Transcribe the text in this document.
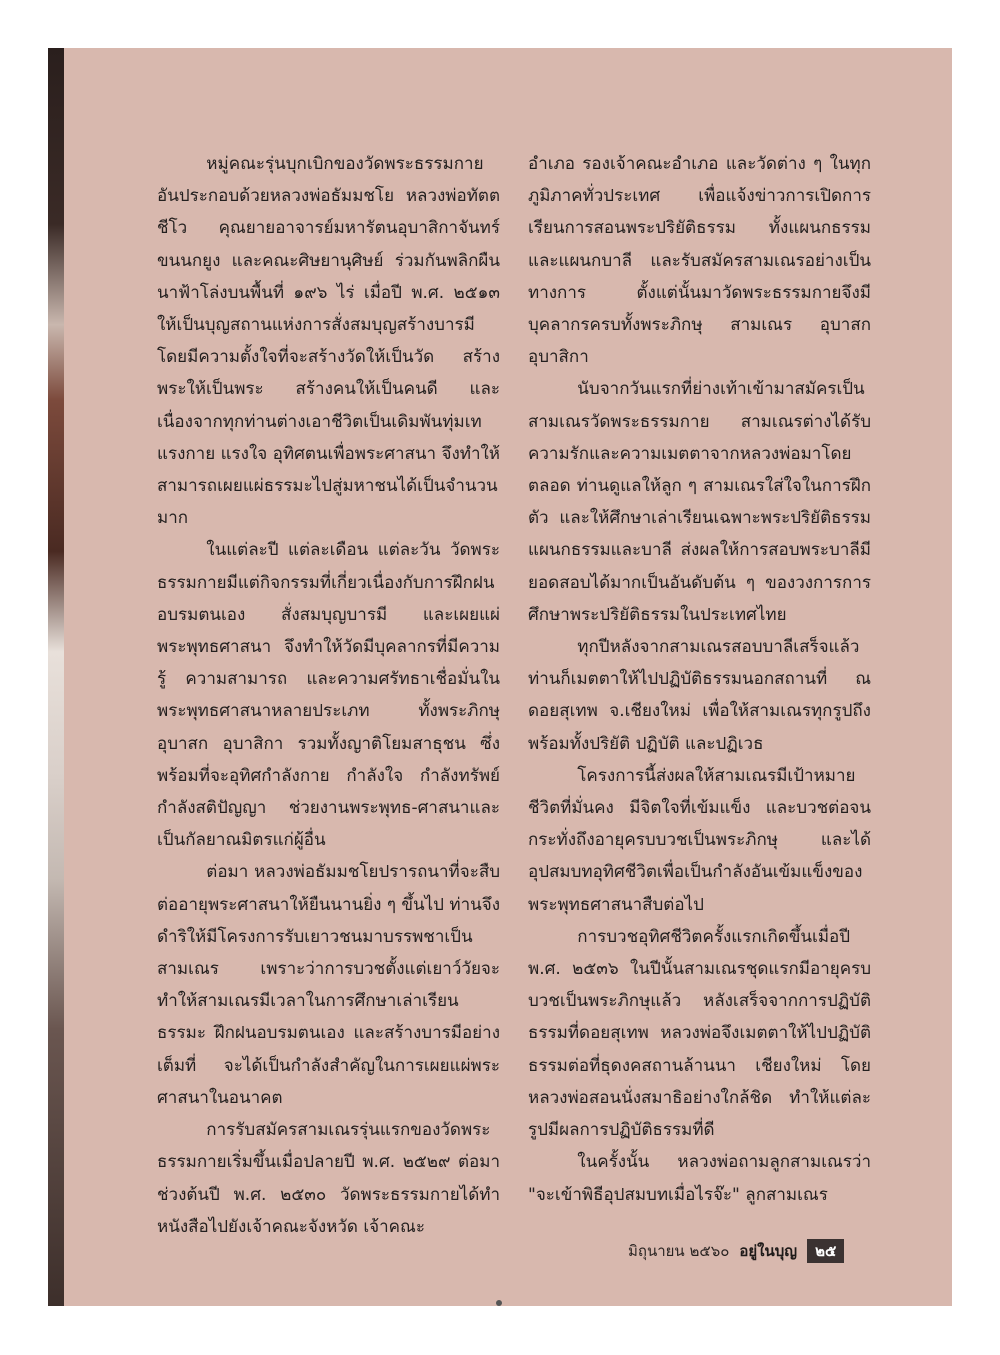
หมู่คณะรุ่นบุกเบิกของวัดพระธรรมกาย อันประกอบด้วยหลวงพ่อธัมมชโย หลวงพ่อทัตตชีโว คุณยายอาจารย์มหารัตนอุบาสิกาจันทร์ ขนนกยูง และคณะศิษยานุศิษย์ ร่วมกันพลิกผืนนาฟ้าโล่งบนพื้นที่ ๑๙๖ ไร่ เมื่อปี พ.ศ. ๒๕๑๓ ให้เป็นบุญสถานแห่งการสั่งสมบุญสร้างบารมี โดยมีความตั้งใจที่จะสร้างวัดให้เป็นวัด สร้างพระให้เป็นพระ สร้างคนให้เป็นคนดี และเนื่องจากทุกท่านต่างเอาชีวิตเป็นเดิมพันทุ่มเทแรงกาย แรงใจ อุทิศตนเพื่อพระศาสนา จึงทำให้สามารถเผยแผ่ธรรมะไปสู่มหาชนได้เป็นจำนวนมาก

ในแต่ละปี แต่ละเดือน แต่ละวัน วัดพระธรรมกายมีแต่กิจกรรมที่เกี่ยวเนื่องกับการฝึกฝนอบรมตนเอง สั่งสมบุญบารมี และเผยแผ่พระพุทธศาสนา จึงทำให้วัดมีบุคลากรที่มีความรู้ ความสามารถ และความศรัทธาเชื่อมั่นในพระพุทธศาสนาหลายประเภท ทั้งพระภิกษุ อุบาสก อุบาสิกา รวมทั้งญาติโยมสาธุชน ซึ่งพร้อมที่จะอุทิศกำลังกาย กำลังใจ กำลังทรัพย์ กำลังสติปัญญา ช่วยงานพระพุทธ-ศาสนาและเป็นกัลยาณมิตรแก่ผู้อื่น

ต่อมา หลวงพ่อธัมมชโยปรารถนาที่จะสืบต่ออายุพระศาสนาให้ยืนนานยิ่ง ๆ ขึ้นไป ท่านจึงดำริให้มีโครงการรับเยาวชนมาบรรพชาเป็นสามเณร เพราะว่าการบวชตั้งแต่เยาว์วัยจะทำให้สามเณรมีเวลาในการศึกษาเล่าเรียนธรรมะ ฝึกฝนอบรมตนเอง และสร้างบารมีอย่างเต็มที่ จะได้เป็นกำลังสำคัญในการเผยแผ่พระศาสนาในอนาคต

การรับสมัครสามเณรรุ่นแรกของวัดพระธรรมกายเริ่มขึ้นเมื่อปลายปี พ.ศ. ๒๕๒๙ ต่อมาช่วงต้นปี พ.ศ. ๒๕๓๐ วัดพระธรรมกายได้ทำหนังสือไปยังเจ้าคณะจังหวัด เจ้าคณะ

อำเภอ รองเจ้าคณะอำเภอ และวัดต่าง ๆ ในทุกภูมิภาคทั่วประเทศ เพื่อแจ้งข่าวการเปิดการเรียนการสอนพระปริยัติธรรม ทั้งแผนกธรรมและแผนกบาลี และรับสมัครสามเณรอย่างเป็นทางการ ตั้งแต่นั้นมาวัดพระธรรมกายจึงมีบุคลากรครบทั้งพระภิกษุ สามเณร อุบาสก อุบาสิกา

นับจากวันแรกที่ย่างเท้าเข้ามาสมัครเป็นสามเณรวัดพระธรรมกาย สามเณรต่างได้รับความรักและความเมตตาจากหลวงพ่อมาโดยตลอด ท่านดูแลให้ลูก ๆ สามเณรใส่ใจในการฝึกตัว และให้ศึกษาเล่าเรียนเฉพาะพระปริยัติธรรม แผนกธรรมและบาลี ส่งผลให้การสอบพระบาลีมียอดสอบได้มากเป็นอันดับต้น ๆ ของวงการการศึกษาพระปริยัติธรรมในประเทศไทย

ทุกปีหลังจากสามเณรสอบบาลีเสร็จแล้ว ท่านก็เมตตาให้ไปปฏิบัติธรรมนอกสถานที่ ณ ดอยสุเทพ จ.เชียงใหม่ เพื่อให้สามเณรทุกรูปถึงพร้อมทั้งปริยัติ ปฏิบัติ และปฏิเวธ

โครงการนี้ส่งผลให้สามเณรมีเป้าหมายชีวิตที่มั่นคง มีจิตใจที่เข้มแข็ง และบวชต่อจนกระทั่งถึงอายุครบบวชเป็นพระภิกษุ และได้อุปสมบทอุทิศชีวิตเพื่อเป็นกำลังอันเข้มแข็งของพระพุทธศาสนาสืบต่อไป

การบวชอุทิศชีวิตครั้งแรกเกิดขึ้นเมื่อปี พ.ศ. ๒๕๓๖ ในปีนั้นสามเณรชุดแรกมีอายุครบบวชเป็นพระภิกษุแล้ว หลังเสร็จจากการปฏิบัติธรรมที่ดอยสุเทพ หลวงพ่อจึงเมตตาให้ไปปฏิบัติธรรมต่อที่ธุดงคสถานล้านนา เชียงใหม่ โดยหลวงพ่อสอนนั่งสมาธิอย่างใกล้ชิด ทำให้แต่ละรูปมีผลการปฏิบัติธรรมที่ดี

ในครั้งนั้น หลวงพ่อถามลูกสามเณรว่า "จะเข้าพิธีอุปสมบทเมื่อไรจ๊ะ" ลูกสามเณร

มิถุนายน ๒๕๖๐ อยู่ในบุญ	๒๕
